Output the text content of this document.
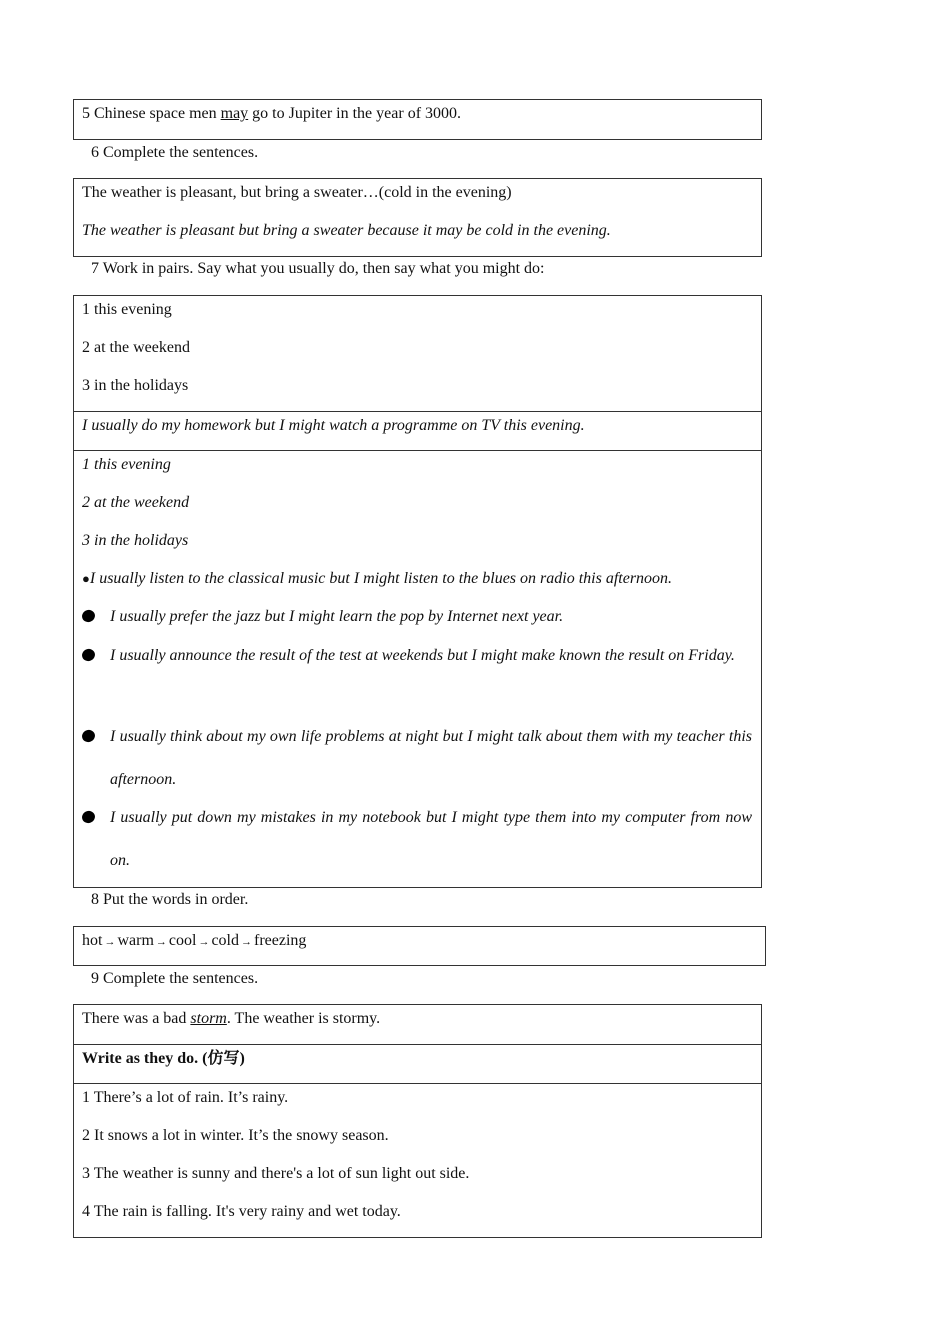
5 Chinese space men may go to Jupiter in the year of 3000.

6 Complete the sentences.

The weather is pleasant, but bring a sweater…(cold in the evening)

The weather is pleasant but bring a sweater because it may be cold in the evening.

7 Work in pairs. Say what you usually do, then say what you might do:

1 this evening

2 at the weekend

3 in the holidays

I usually do my homework but I might watch a programme on TV this evening.

1 this evening

2 at the weekend

3 in the holidays

●I usually listen to the classical music but I might listen to the blues on radio this afternoon.

I usually prefer the jazz but I might learn the pop by Internet next year.

I usually announce the result of the test at weekends but I might make known the result on Friday.

I usually think about my own life problems at night but I might talk about them with my teacher this afternoon.

I usually put down my mistakes in my notebook but I might type them into my computer from now on.

8 Put the words in order.

hot → warm → cool → cold → freezing

9 Complete the sentences.

There was a bad storm. The weather is stormy.

Write as they do. (仿写)

1 There’s a lot of rain. It’s rainy.

2 It snows a lot in winter. It’s the snowy season.

3 The weather is sunny and there's a lot of sun light out side.

4 The rain is falling. It's very rainy and wet today.
